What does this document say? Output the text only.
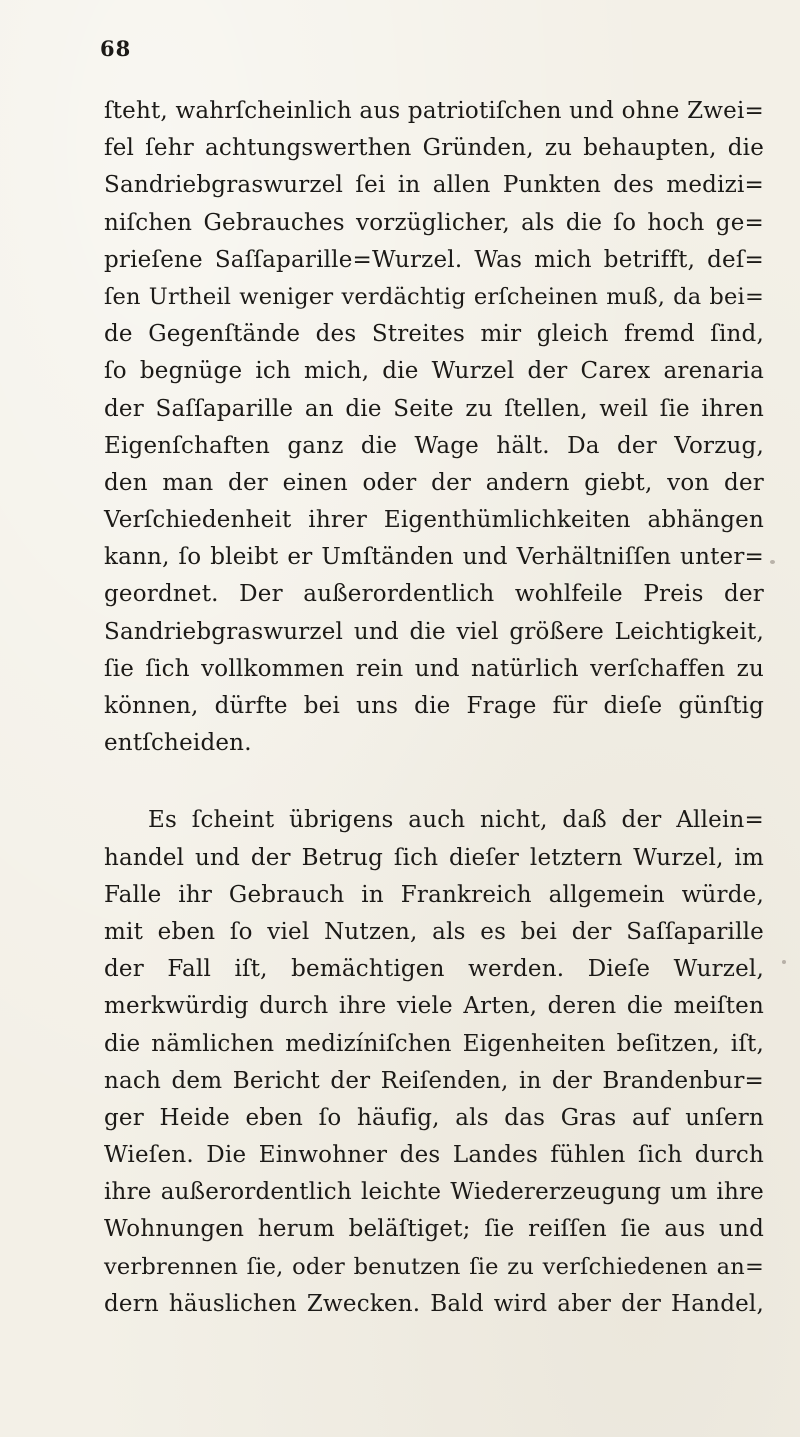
68
ſteht, wahrſcheinlich aus patriotiſchen und ohne Zwei=
fel ſehr achtungswerthen Gründen, zu behaupten, die
Sandriebgraswurzel ſei in allen Punkten des medizi=
niſchen Gebrauches vorzüglicher, als die ſo hoch ge=
prieſene Saſſaparille=Wurzel. Was mich betrifft, deſ=
ſen Urtheil weniger verdächtig erſcheinen muß, da bei=
de Gegenſtände des Streites mir gleich fremd ſind,
ſo begnüge ich mich, die Wurzel der Carex arenaria
der Saſſaparille an die Seite zu ſtellen, weil ſie ihren
Eigenſchaften ganz die Wage hält. Da der Vorzug,
den man der einen oder der andern giebt, von der
Verſchiedenheit ihrer Eigenthümlichkeiten abhängen
kann, ſo bleibt er Umſtänden und Verhältniſſen unter=
geordnet. Der außerordentlich wohlfeile Preis der
Sandriebgraswurzel und die viel größere Leichtigkeit,
ſie ſich vollkommen rein und natürlich verſchaffen zu
können, dürfte bei uns die Frage für dieſe günſtig
entſcheiden.
Es ſcheint übrigens auch nicht, daß der Allein=
handel und der Betrug ſich dieſer letztern Wurzel, im
Falle ihr Gebrauch in Frankreich allgemein würde,
mit eben ſo viel Nutzen, als es bei der Saſſaparille
der Fall iſt, bemächtigen werden. Dieſe Wurzel,
merkwürdig durch ihre viele Arten, deren die meiſten
die nämlichen medizíniſchen Eigenheiten beſitzen, iſt,
nach dem Bericht der Reiſenden, in der Brandenbur=
ger Heide eben ſo häufig, als das Gras auf unſern
Wieſen. Die Einwohner des Landes fühlen ſich durch
ihre außerordentlich leichte Wiedererzeugung um ihre
Wohnungen herum beläſtiget; ſie reiſſen ſie aus und
verbrennen ſie, oder benutzen ſie zu verſchiedenen an=
dern häuslichen Zwecken. Bald wird aber der Handel,
